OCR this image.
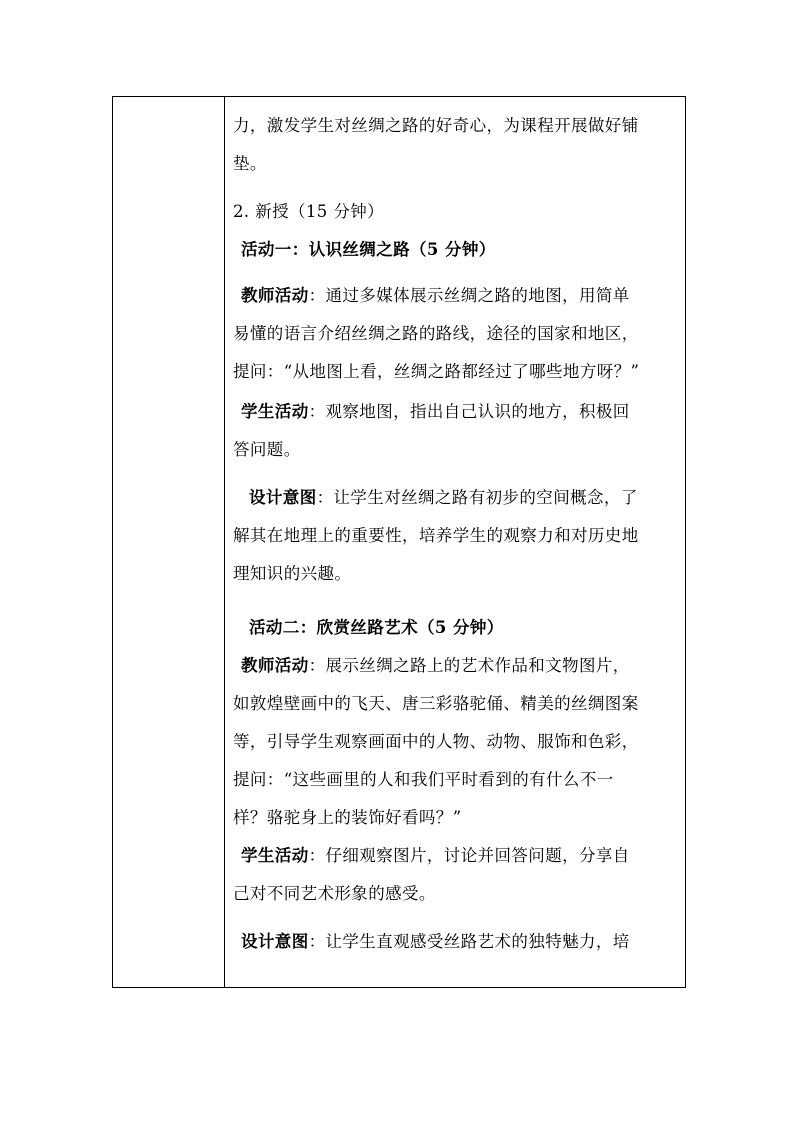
力，激发学生对丝绸之路的好奇心，为课程开展做好铺
垫。
2. 新授（15 分钟）
活动一：认识丝绸之路（5 分钟）
教师活动：通过多媒体展示丝绸之路的地图，用简单
易懂的语言介绍丝绸之路的路线，途径的国家和地区，
提问：“从地图上看，丝绸之路都经过了哪些地方呀？”
学生活动：观察地图，指出自己认识的地方，积极回
答问题。
设计意图：让学生对丝绸之路有初步的空间概念，了
解其在地理上的重要性，培养学生的观察力和对历史地
理知识的兴趣。
活动二：欣赏丝路艺术（5 分钟）
教师活动：展示丝绸之路上的艺术作品和文物图片，
如敦煌壁画中的飞天、唐三彩骆驼俑、精美的丝绸图案
等，引导学生观察画面中的人物、动物、服饰和色彩，
提问：“这些画里的人和我们平时看到的有什么不一
样？骆驼身上的装饰好看吗？”
学生活动：仔细观察图片，讨论并回答问题，分享自
己对不同艺术形象的感受。
设计意图：让学生直观感受丝路艺术的独特魅力，培
